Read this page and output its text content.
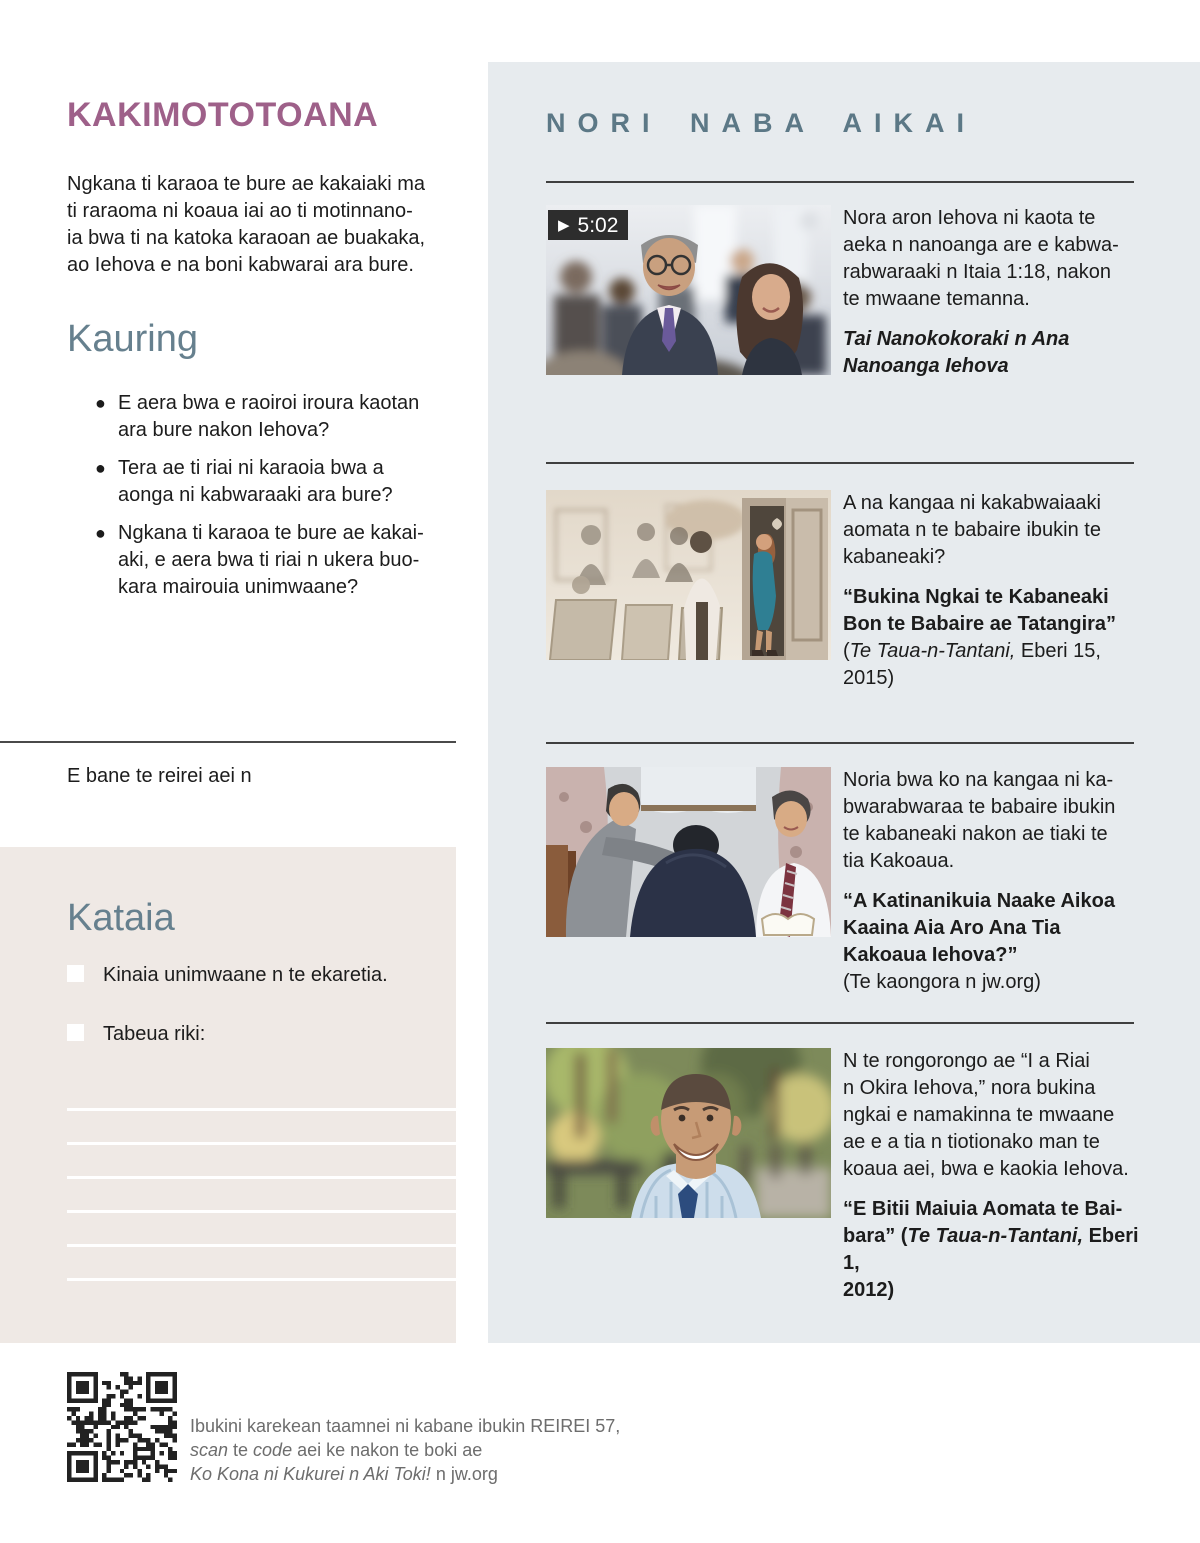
KAKIMOTOTOANA

Ngkana ti karaoa te bure ae kakaiaki ma
ti raraoma ni koaua iai ao ti motinnano-
ia bwa ti na katoka karaoan ae buakaka,
ao Iehova e na boni kabwarai ara bure.

Kauring
● E aera bwa e raoiroi iroura kaotan
ara bure nakon Iehova?
● Tera ae ti riai ni karaoia bwa a
aonga ni kabwaraaki ara bure?
● Ngkana ti karaoa te bure ae kakai-
aki, e aera bwa ti riai n ukera buo-
kara mairouia unimwaane?

E bane te reirei aei n

Kataia
Kinaia unimwaane n te ekaretia.
Tabeua riki:
NORI NABA AIKAI
▶ 5:02	Nora aron Iehova ni kaota te
aeka n nanoanga are e kabwa-
rabwaraaki n Itaia 1:18, nakon
te mwaane temanna.

Tai Nanokokoraki n Ana
Nanoanga Iehova

A na kangaa ni kakabwaiaaki
aomata n te babaire ibukin te
kabaneaki?

“Bukina Ngkai te Kabaneaki
Bon te Babaire ae Tatangira”

(Te Taua-n-Tantani, Eberi 15, 2015)

Noria bwa ko na kangaa ni ka-
bwarabwaraa te babaire ibukin
te kabaneaki nakon ae tiaki te
tia Kakoaua.

“A Katinanikuia Naake Aikoa
Kaaina Aia Aro Ana Tia
Kakoaua Iehova?”

(Te kaongora n jw.org)

N te rongorongo ae “I a Riai
n Okira Iehova,” nora bukina
ngkai e namakinna te mwaane
ae e a tia n tiotionako man te
koaua aei, bwa e kaokia Iehova.

“E Bitii Maiuia Aomata te Bai-
bara” (Te Taua-n-Tantani, Eberi 1,
2012)

Ibukini karekean taamnei ni kabane ibukin REIREI 57,
scan te code aei ke nakon te boki ae
Ko Kona ni Kukurei n Aki Toki! n jw.org
